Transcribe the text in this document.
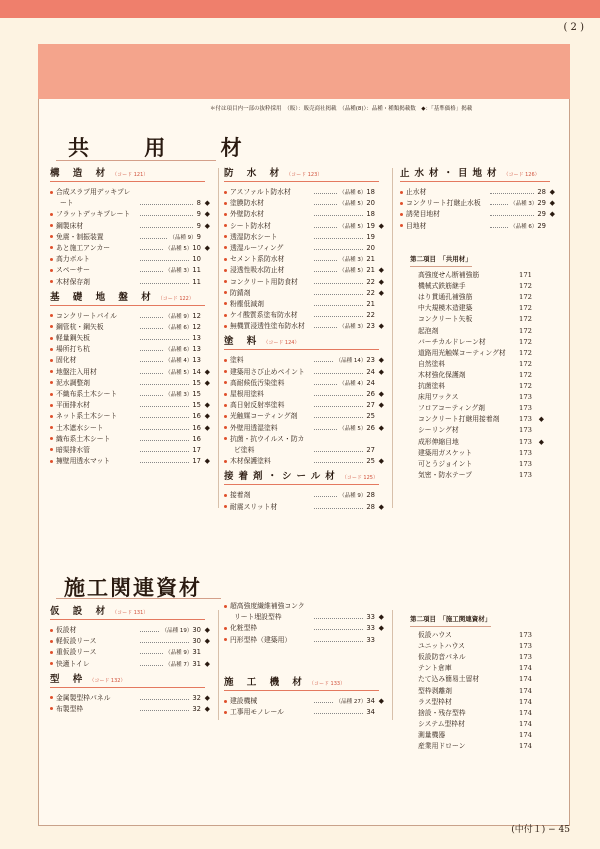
( 2 )
＊付は項目内一部の抜粋採用　（販）：販売商社掲載　（品種(8)）：品種・種類掲載数　◆：「基準価格」掲載
共 用 材
施工関連資材
構 造 材 （コード 121）
合成スラブ用デッキプレ
ート	8 ◆
フラットデッキプレート	9 ◆
鋼製床材	9 ◆
免震・制振装置	（品種 9）9
あと施工アンカー	（品種 5）10 ◆
高力ボルト	10
スペーサー	（品種 3）11
木材保存剤	11
基 礎 地 盤 材 （コード 122）
コンクリートパイル	（品種 9）12
鋼管杭・鋼矢板	（品種 6）12
軽量鋼矢板	13
場所打ち杭	（品種 6）13
固化材	（品種 4）13
地盤注入用材	（品種 5）14 ◆
泥水調整剤	15 ◆
不織布系土木シート	（品種 3）15
平面排水材	15 ◆
ネット系土木シート	16 ◆
土木遮水シート	16 ◆
織布系土木シート	16
暗渠排水管	17
擁壁用透水マット	17 ◆
防 水 材 （コード 123）
アスファルト防水材	（品種 6）18
塗膜防水材	（品種 5）20
外壁防水材	18
シート防水材	（品種 5）19 ◆
透湿防水シート	19
透湿ルーフィング	20
セメント系防水材	（品種 3）21
浸透性吸水防止材	（品種 5）21 ◆
コンクリート用防食材	22 ◆
防錆剤	22 ◆
粉塵低減剤	21
ケイ酸質系塗布防水材	22
無機質浸透性塗布防水材	（品種 3）23 ◆
塗 料 （コード 124）
塗料	（品種 14）23 ◆
建築用さび止めペイント	24 ◆
高耐候低汚染塗料	（品種 4）24
屋根用塗料	26 ◆
高日射反射率塗料	27 ◆
光触媒コーティング剤	25
外壁用透湿塗料	（品種 5）26 ◆
抗菌・抗ウイルス・防カ
ビ塗料	27
木材保護塗料	25 ◆
接着剤・シール材 （コード 125）
接着剤	（品種 9）28
耐震スリット材	28 ◆
止水材・目地材 （コード 126）
止水材	28 ◆
コンクリート打継止水板	（品種 3）29 ◆
誘発目地材	29 ◆
目地材	（品種 6）29
第二項目　「共用材」
高強度せん断補強筋	171
機械式鉄筋継手	172
はり貫通孔補強筋	172
中大規模木造建築	172
コンクリート矢板	172
起泡剤	172
バーチカルドレーン材	172
道路用光触媒コーティング材 172
自然塗料	172
木材強化保護剤	172
抗菌塗料	172
床用ワックス	173
フロアコーティング剤	173
コンクリート打継用接着剤	173 ◆
シーリング材	173
成形伸縮目地	173 ◆
建築用ガスケット	173
可とうジョイント	173
気密・防水テープ	173
仮 設 材 （コード 131）
仮設材	（品種 19）30 ◆
軽仮設リース	30 ◆
重仮設リース	（品種 9）31
快適トイレ	（品種 7）31 ◆
型 枠 （コード 132）
金属製型枠パネル	32 ◆
布製型枠	32 ◆
超高強度繊維補強コンク
リート埋設型枠	33 ◆
化粧型枠	33 ◆
円形型枠（建築用）	33
施 工 機 材 （コード 133）
建設機械	（品種 27）34 ◆
工事用モノレール	34
第二項目　「施工関連資材」
仮設ハウス	173
ユニットハウス	173
仮設防音パネル	173
テント倉庫	174
たて込み簡易土留材	174
型枠剥離剤	174
ラス型枠材	174
捨設・残存型枠	174
システム型枠材	174
測量機器	174
産業用ドローン	174
(中付１) − 45
